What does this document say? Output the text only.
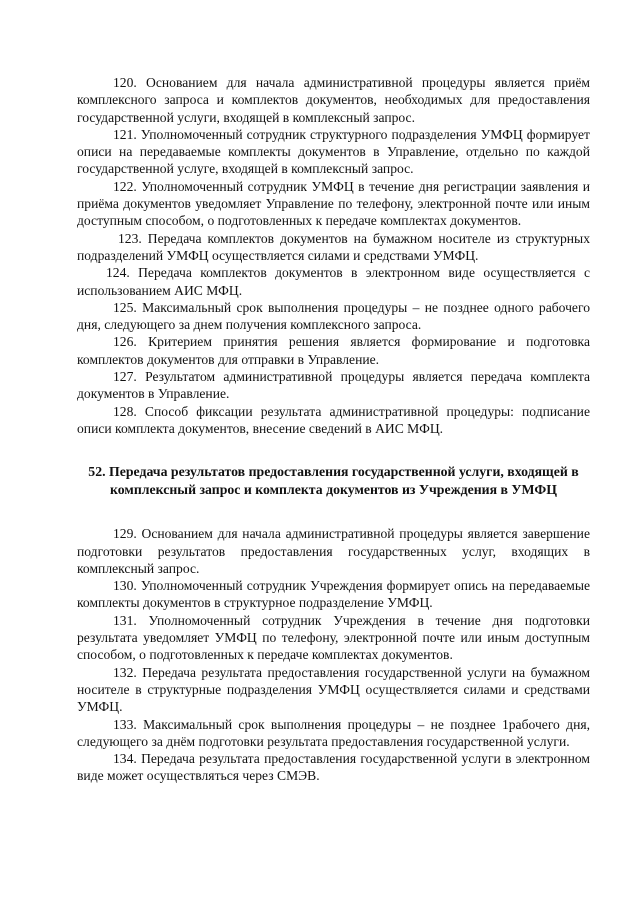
120. Основанием для начала административной процедуры является приём комплексного запроса и комплектов документов, необходимых для предоставления государственной услуги, входящей в комплексный запрос.

121. Уполномоченный сотрудник структурного подразделения УМФЦ формирует описи на передаваемые комплекты документов в Управление, отдельно по каждой государственной услуге, входящей в комплексный запрос.

122. Уполномоченный сотрудник УМФЦ в течение дня регистрации заявления и приёма документов уведомляет Управление по телефону, электронной почте или иным доступным способом, о подготовленных к передаче комплектах документов.

123. Передача комплектов документов на бумажном носителе из структурных подразделений УМФЦ осуществляется силами и средствами УМФЦ.

124. Передача комплектов документов в электронном виде осуществляется с использованием АИС МФЦ.

125. Максимальный срок выполнения процедуры – не позднее одного рабочего дня, следующего за днем получения комплексного запроса.

126. Критерием принятия решения является формирование и подготовка комплектов документов для отправки в Управление.

127. Результатом административной процедуры является передача комплекта документов в Управление.

128. Способ фиксации результата административной процедуры: подписание описи комплекта документов, внесение сведений в АИС МФЦ.

52. Передача результатов предоставления государственной услуги, входящей в комплексный запрос и комплекта документов из Учреждения в УМФЦ

129. Основанием для начала административной процедуры является завершение подготовки результатов предоставления государственных услуг, входящих в комплексный запрос.

130. Уполномоченный сотрудник Учреждения формирует опись на передаваемые комплекты документов в структурное подразделение УМФЦ.

131. Уполномоченный сотрудник Учреждения в течение дня подготовки результата уведомляет УМФЦ по телефону, электронной почте или иным доступным способом, о подготовленных к передаче комплектах документов.

132. Передача результата предоставления государственной услуги на бумажном носителе в структурные подразделения УМФЦ осуществляется силами и средствами УМФЦ.

133. Максимальный срок выполнения процедуры – не позднее 1рабочего дня, следующего за днём подготовки результата предоставления государственной услуги.

134. Передача результата предоставления государственной услуги в электронном виде может осуществляться через СМЭВ.
